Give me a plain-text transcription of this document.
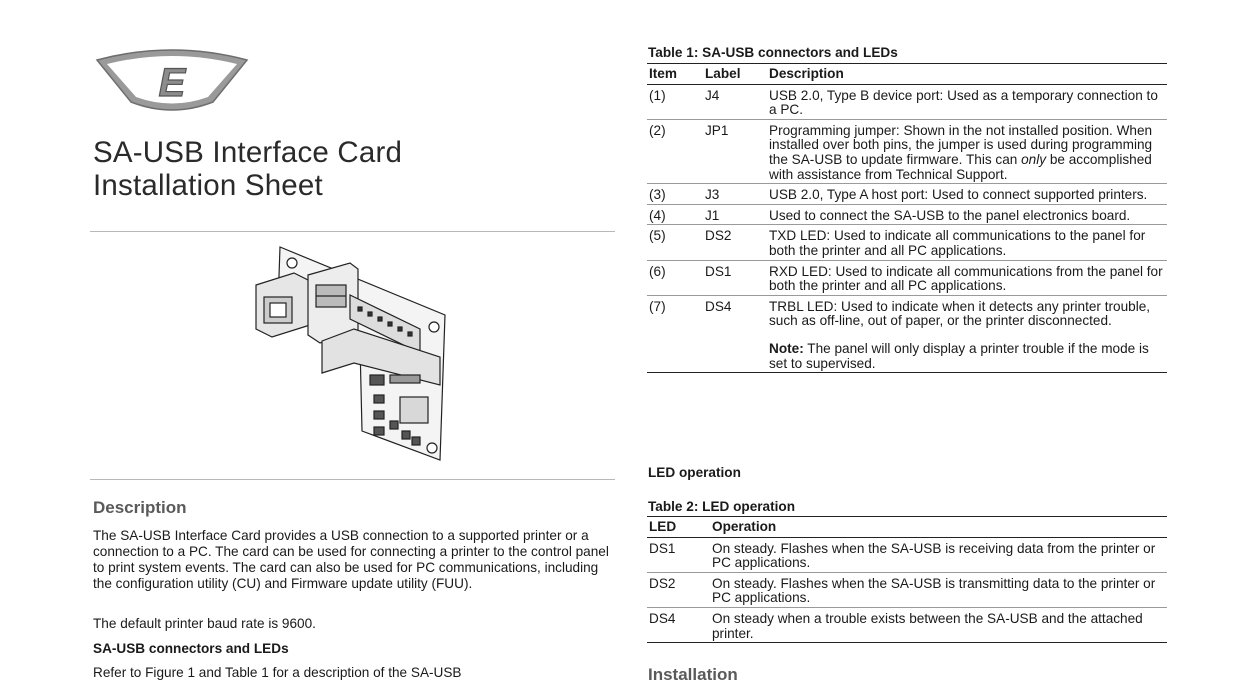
E
SA-USB Interface Card
Installation Sheet
Description

The SA-USB Interface Card provides a USB connection to a supported printer or a connection to a PC. The card can be used for connecting a printer to the control panel to print system events. The card can also be used for PC communications, including the configuration utility (CU) and Firmware update utility (FUU).

The default printer baud rate is 9600.

SA-USB connectors and LEDs

Refer to Figure 1 and Table 1 for a description of the SA-USB

Table 1: SA-USB connectors and LEDs

Item	Label	Description
(1)	J4	USB 2.0, Type B device port: Used as a temporary connection to a PC.
(2)	JP1	Programming jumper: Shown in the not installed position. When installed over both pins, the jumper is used during programming the SA-USB to update firmware. This can only be accomplished with assistance from Technical Support.
(3)	J3	USB 2.0, Type A host port: Used to connect supported printers.
(4)	J1	Used to connect the SA-USB to the panel electronics board.
(5)	DS2	TXD LED: Used to indicate all communications to the panel for both the printer and all PC applications.
(6)	DS1	RXD LED: Used to indicate all communications from the panel for both the printer and all PC applications.
(7)	DS4	TRBL LED: Used to indicate when it detects any printer trouble, such as off-line, out of paper, or the printer disconnected.
Note: The panel will only display a printer trouble if the mode is set to supervised.

LED operation

Table 2: LED operation

LED	Operation
DS1	On steady. Flashes when the SA-USB is receiving data from the printer or PC applications.
DS2	On steady. Flashes when the SA-USB is transmitting data to the printer or PC applications.
DS4	On steady when a trouble exists between the SA-USB and the attached printer.
Installation
